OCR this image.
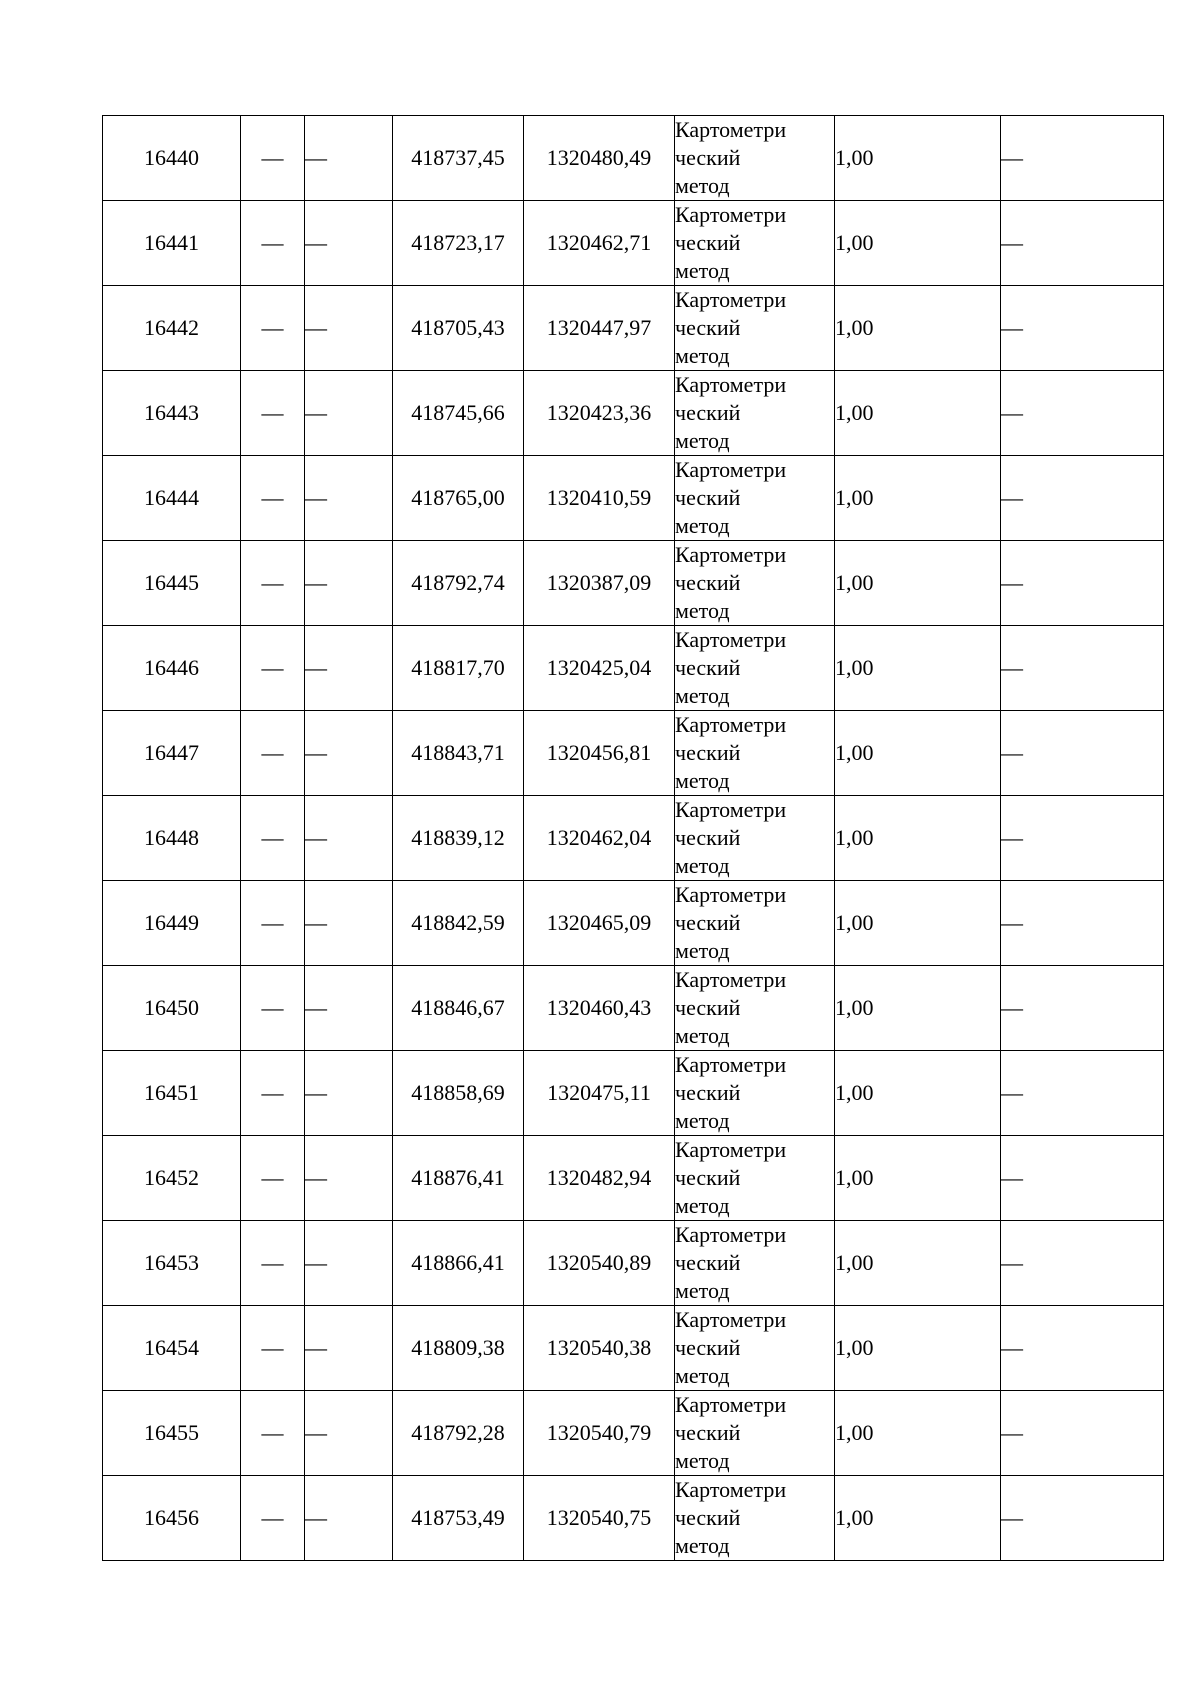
16440	—	—	418737,45	1320480,49	Картометри
ческий
метод	1,00	—
16441	—	—	418723,17	1320462,71	Картометри
ческий
метод	1,00	—
16442	—	—	418705,43	1320447,97	Картометри
ческий
метод	1,00	—
16443	—	—	418745,66	1320423,36	Картометри
ческий
метод	1,00	—
16444	—	—	418765,00	1320410,59	Картометри
ческий
метод	1,00	—
16445	—	—	418792,74	1320387,09	Картометри
ческий
метод	1,00	—
16446	—	—	418817,70	1320425,04	Картометри
ческий
метод	1,00	—
16447	—	—	418843,71	1320456,81	Картометри
ческий
метод	1,00	—
16448	—	—	418839,12	1320462,04	Картометри
ческий
метод	1,00	—
16449	—	—	418842,59	1320465,09	Картометри
ческий
метод	1,00	—
16450	—	—	418846,67	1320460,43	Картометри
ческий
метод	1,00	—
16451	—	—	418858,69	1320475,11	Картометри
ческий
метод	1,00	—
16452	—	—	418876,41	1320482,94	Картометри
ческий
метод	1,00	—
16453	—	—	418866,41	1320540,89	Картометри
ческий
метод	1,00	—
16454	—	—	418809,38	1320540,38	Картометри
ческий
метод	1,00	—
16455	—	—	418792,28	1320540,79	Картометри
ческий
метод	1,00	—
16456	—	—	418753,49	1320540,75	Картометри
ческий
метод	1,00	—
